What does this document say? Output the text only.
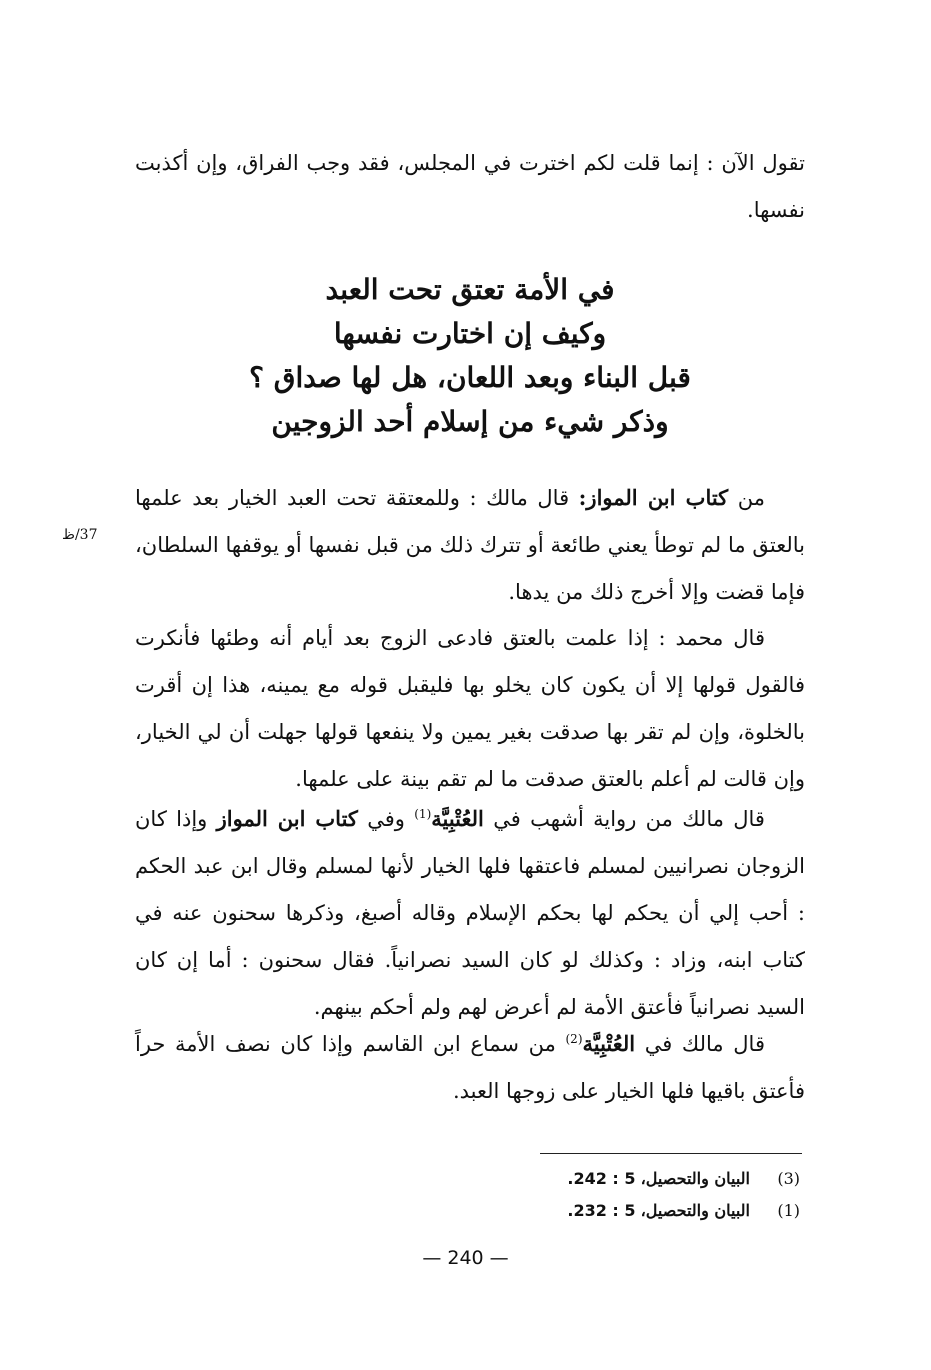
تقول الآن : إنما قلت لكم اخترت في المجلس، فقد وجب الفراق، وإن أكذبت نفسها.

في الأمة تعتق تحت العبد
وكيف إن اختارت نفسها
قبل البناء وبعد اللعان، هل لها صداق ؟
وذكر شيء من إسلام أحد الزوجين

من كتاب ابن المواز: قال مالك : وللمعتقة تحت العبد الخيار بعد علمها بالعتق ما لم توطأ يعني طائعة أو تترك ذلك من قبل نفسها أو يوقفها السلطان، فإما قضت وإلا أخرج ذلك من يدها.

37/ظ

قال محمد : إذا علمت بالعتق فادعى الزوج بعد أيام أنه وطئها فأنكرت فالقول قولها إلا أن يكون كان يخلو بها فليقبل قوله مع يمينه، هذا إن أقرت بالخلوة، وإن لم تقر بها صدقت بغير يمين ولا ينفعها قولها جهلت أن لي الخيار، وإن قالت لم أعلم بالعتق صدقت ما لم تقم بينة على علمها.

قال مالك من رواية أشهب في العُتْبِيَّة$^{(1)}$ وفي كتاب ابن المواز وإذا كان الزوجان نصرانيين لمسلم فاعتقها فلها الخيار لأنها لمسلم وقال ابن عبد الحكم : أحب إلي أن يحكم لها بحكم الإسلام وقاله أصبغ، وذكرها سحنون عنه في كتاب ابنه، وزاد : وكذلك لو كان السيد نصرانياً. فقال سحنون : أما إن كان السيد نصرانياً فأعتق الأمة لم أعرض لهم ولم أحكم بينهم.

قال مالك في العُتْبِيَّة$^{(2)}$ من سماع ابن القاسم وإذا كان نصف الأمة حراً فأعتق باقيها فلها الخيار على زوجها العبد.

(3)
البيان والتحصيل، 5 : 242.
(1)
البيان والتحصيل، 5 : 232.
— 240 —
